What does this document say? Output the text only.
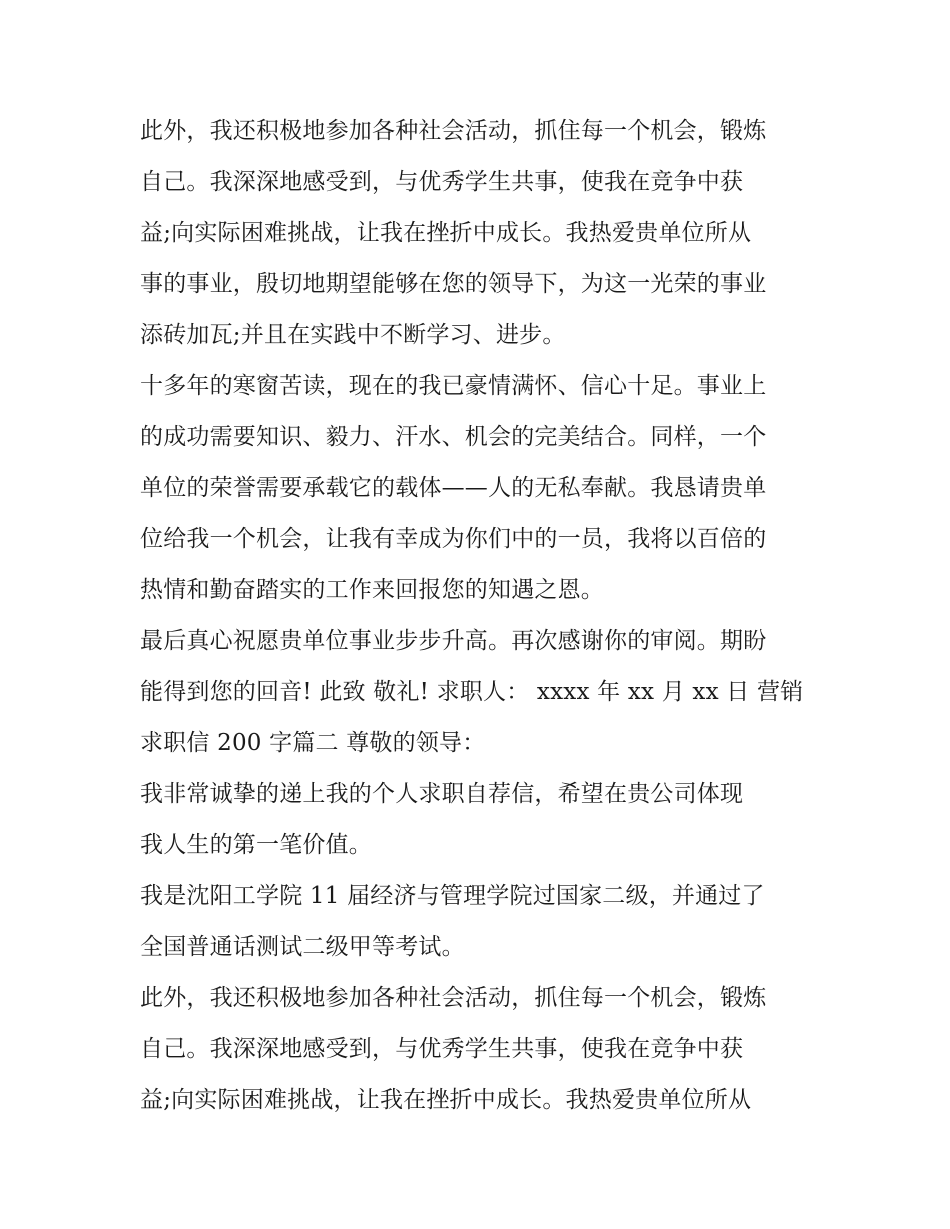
此外，我还积极地参加各种社会活动，抓住每一个机会，锻炼
自己。我深深地感受到，与优秀学生共事，使我在竞争中获
益;向实际困难挑战，让我在挫折中成长。我热爱贵单位所从
事的事业，殷切地期望能够在您的领导下，为这一光荣的事业
添砖加瓦;并且在实践中不断学习、进步。
十多年的寒窗苦读，现在的我已豪情满怀、信心十足。事业上
的成功需要知识、毅力、汗水、机会的完美结合。同样，一个
单位的荣誉需要承载它的载体——人的无私奉献。我恳请贵单
位给我一个机会，让我有幸成为你们中的一员，我将以百倍的
热情和勤奋踏实的工作来回报您的知遇之恩。
最后真心祝愿贵单位事业步步升高。再次感谢你的审阅。期盼
能得到您的回音! 此致 敬礼! 求职人： xxxx 年 xx 月 xx 日 营销
求职信 200 字篇二 尊敬的领导：
我非常诚挚的递上我的个人求职自荐信，希望在贵公司体现
我人生的第一笔价值。
我是沈阳工学院 11 届经济与管理学院过国家二级，并通过了
全国普通话测试二级甲等考试。
此外，我还积极地参加各种社会活动，抓住每一个机会，锻炼
自己。我深深地感受到，与优秀学生共事，使我在竞争中获
益;向实际困难挑战，让我在挫折中成长。我热爱贵单位所从
